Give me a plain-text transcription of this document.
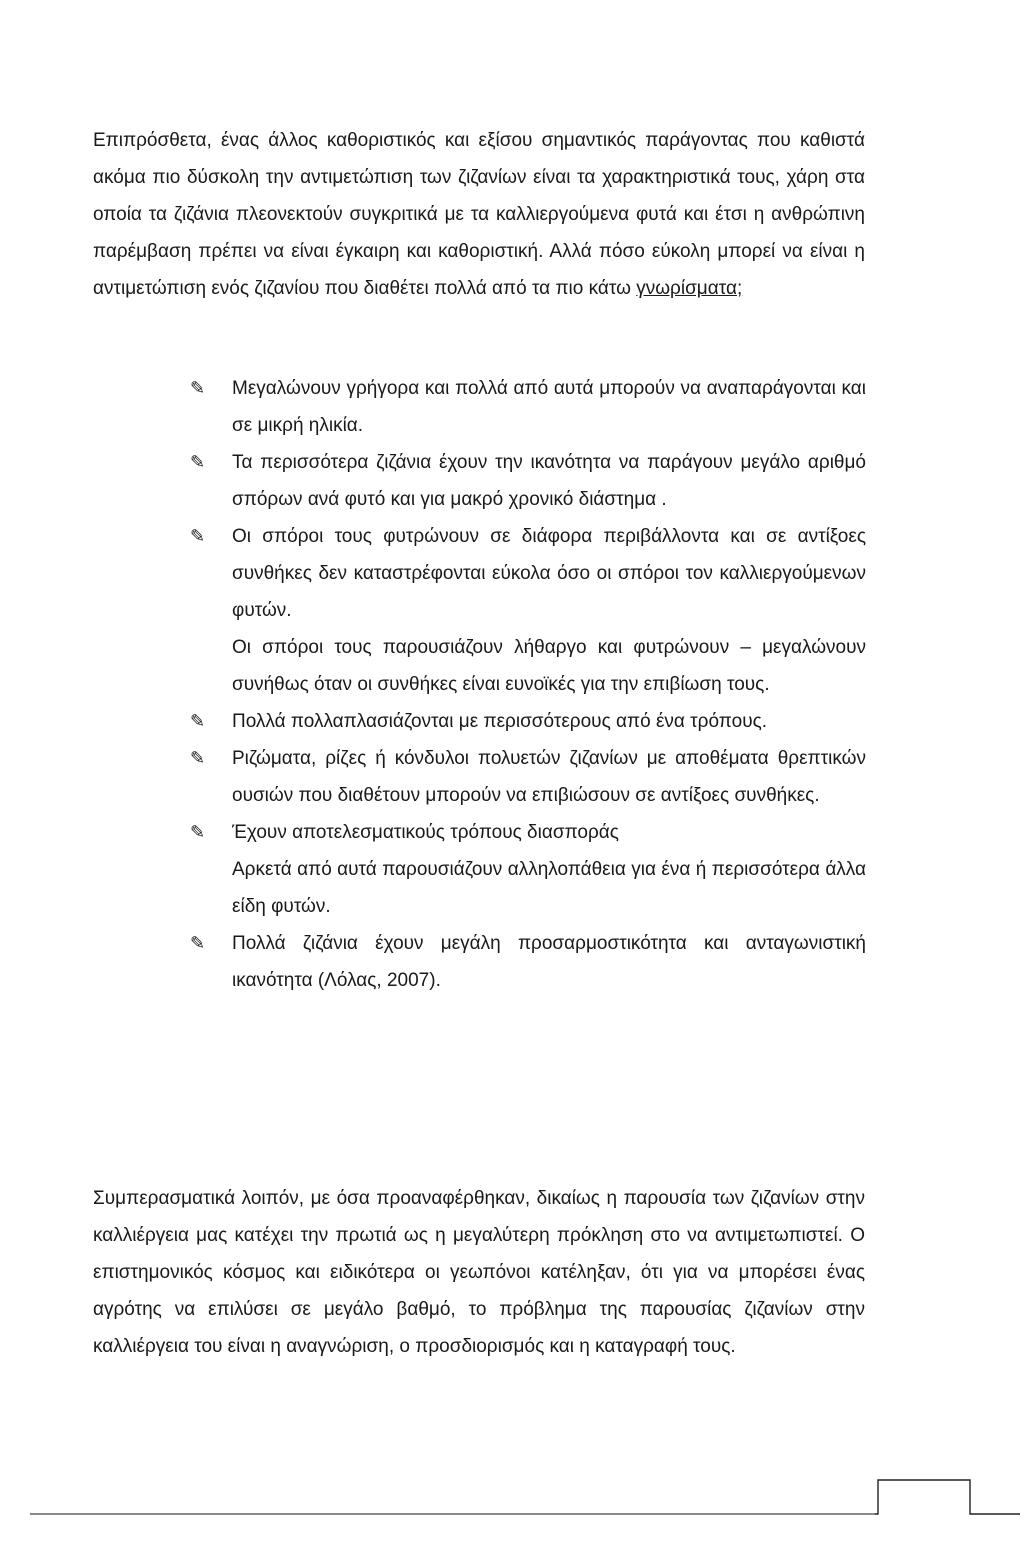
Επιπρόσθετα, ένας άλλος καθοριστικός και εξίσου σημαντικός παράγοντας που καθιστά ακόμα πιο δύσκολη την αντιμετώπιση των ζιζανίων είναι τα χαρακτηριστικά τους, χάρη στα οποία τα ζιζάνια πλεονεκτούν συγκριτικά με τα καλλιεργούμενα φυτά και έτσι η ανθρώπινη παρέμβαση πρέπει να είναι έγκαιρη και καθοριστική. Αλλά πόσο εύκολη μπορεί να είναι η αντιμετώπιση ενός ζιζανίου που διαθέτει πολλά από τα πιο κάτω γνωρίσματα;

✎	Μεγαλώνουν γρήγορα και πολλά από αυτά μπορούν να αναπαράγονται και σε μικρή ηλικία.
✎	Τα περισσότερα ζιζάνια έχουν την ικανότητα να παράγουν μεγάλο αριθμό σπόρων ανά φυτό και για μακρό χρονικό διάστημα .
✎	Οι σπόροι τους φυτρώνουν σε διάφορα περιβάλλοντα και σε αντίξοες συνθήκες δεν καταστρέφονται εύκολα όσο οι σπόροι τον καλλιεργούμενων φυτών.
Οι σπόροι τους παρουσιάζουν λήθαργο και φυτρώνουν – μεγαλώνουν συνήθως όταν οι συνθήκες είναι ευνοϊκές για την επιβίωση τους.
✎	Πολλά πολλαπλασιάζονται με περισσότερους από ένα τρόπους.
✎	Ριζώματα, ρίζες ή κόνδυλοι πολυετών ζιζανίων με αποθέματα θρεπτικών ουσιών που διαθέτουν μπορούν να επιβιώσουν σε αντίξοες συνθήκες.
✎	Έχουν αποτελεσματικούς τρόπους διασποράς
Αρκετά από αυτά παρουσιάζουν αλληλοπάθεια για ένα ή περισσότερα άλλα είδη φυτών.
✎	Πολλά ζιζάνια έχουν μεγάλη προσαρμοστικότητα και ανταγωνιστική ικανότητα (Λόλας, 2007).

Συμπερασματικά λοιπόν, με όσα προαναφέρθηκαν, δικαίως η παρουσία των ζιζανίων στην καλλιέργεια μας κατέχει την πρωτιά ως η μεγαλύτερη πρόκληση στο να αντιμετωπιστεί. Ο επιστημονικός κόσμος και ειδικότερα οι γεωπόνοι κατέληξαν, ότι για να μπορέσει ένας αγρότης να επιλύσει σε μεγάλο βαθμό, το πρόβλημα της παρουσίας ζιζανίων στην καλλιέργεια του είναι η αναγνώριση, ο προσδιορισμός και η καταγραφή τους.
